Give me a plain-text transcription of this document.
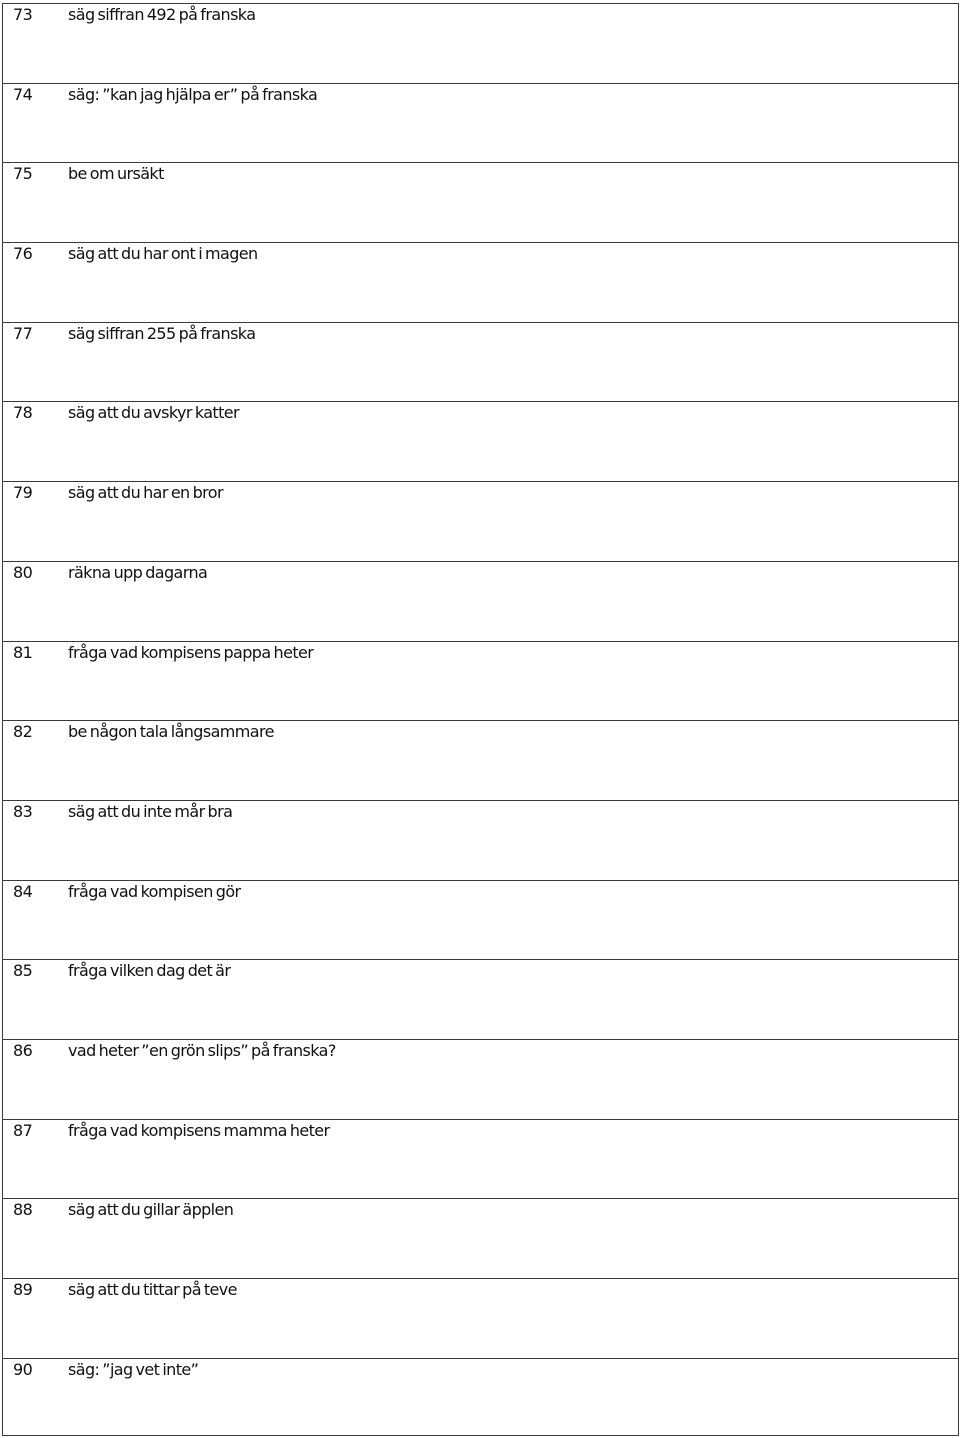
73 säg siffran 492 på franska
74 säg: ”kan jag hjälpa er” på franska
75 be om ursäkt
76 säg att du har ont i magen
77 säg siffran 255 på franska
78 säg att du avskyr katter
79 säg att du har en bror
80 räkna upp dagarna
81 fråga vad kompisens pappa heter
82 be någon tala långsammare
83 säg att du inte mår bra
84 fråga vad kompisen gör
85 fråga vilken dag det är
86 vad heter ”en grön slips” på franska?
87 fråga vad kompisens mamma heter
88 säg att du gillar äpplen
89 säg att du tittar på teve
90 säg: ”jag vet inte”
